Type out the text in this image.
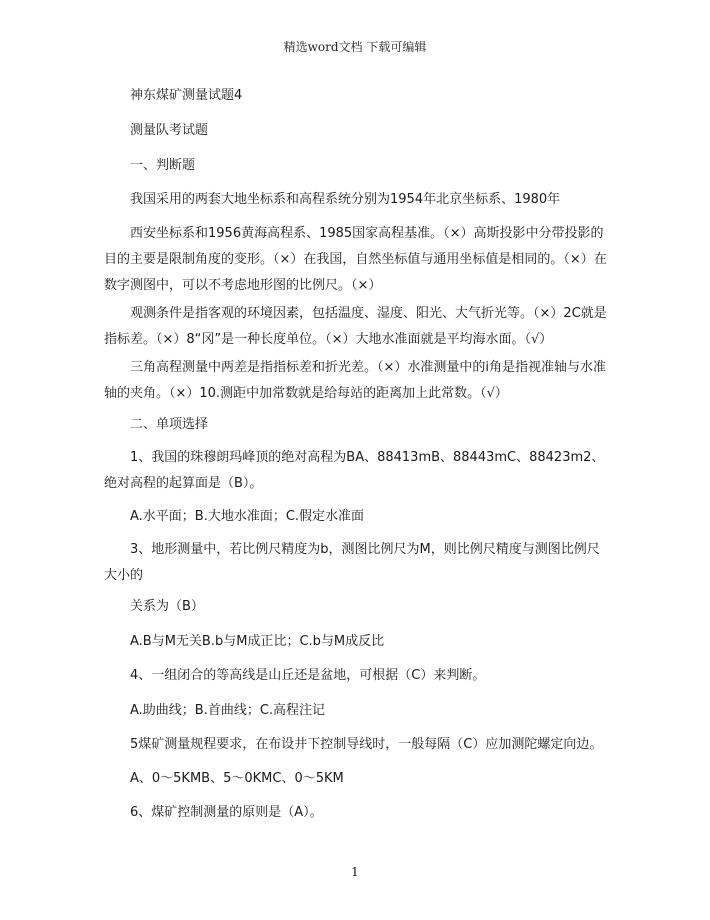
精选word文档 下载可编辑
神东煤矿测量试题4
测量队考试题
一、判断题
我国采用的两套大地坐标系和高程系统分别为1954年北京坐标系、1980年

西安坐标系和1956黄海高程系、1985国家高程基准。（×）高斯投影中分带投影的目的主要是限制角度的变形。（×）在我国，自然坐标值与通用坐标值是相同的。（×）在数字测图中，可以不考虑地形图的比例尺。（×）

观测条件是指客观的环境因素，包括温度、湿度、阳光、大气折光等。（×）2C就是指标差。（×）8“冈”是一种长度单位。（×）大地水准面就是平均海水面。（√）

三角高程测量中两差是指指标差和折光差。（×）水准测量中的i角是指视准轴与水准轴的夹角。（×）10.测距中加常数就是给每站的距离加上此常数。（√）

二、单项选择

1、我国的珠穆朗玛峰顶的绝对高程为BA、88413mB、88443mC、88423m2、绝对高程的起算面是（B）。

A.水平面；B.大地水准面；C.假定水准面

3、地形测量中，若比例尺精度为b，测图比例尺为M，则比例尺精度与测图比例尺大小的

关系为（B）
A.B与M无关B.b与M成正比；C.b与M成反比
4、一组闭合的等高线是山丘还是盆地，可根据（C）来判断。
A.助曲线；B.首曲线；C.高程注记
5煤矿测量规程要求，在布设井下控制导线时，一般每隔（C）应加测陀螺定向边。
A、0～5KMB、5～0KMC、0～5KM
6、煤矿控制测量的原则是（A）。
1
